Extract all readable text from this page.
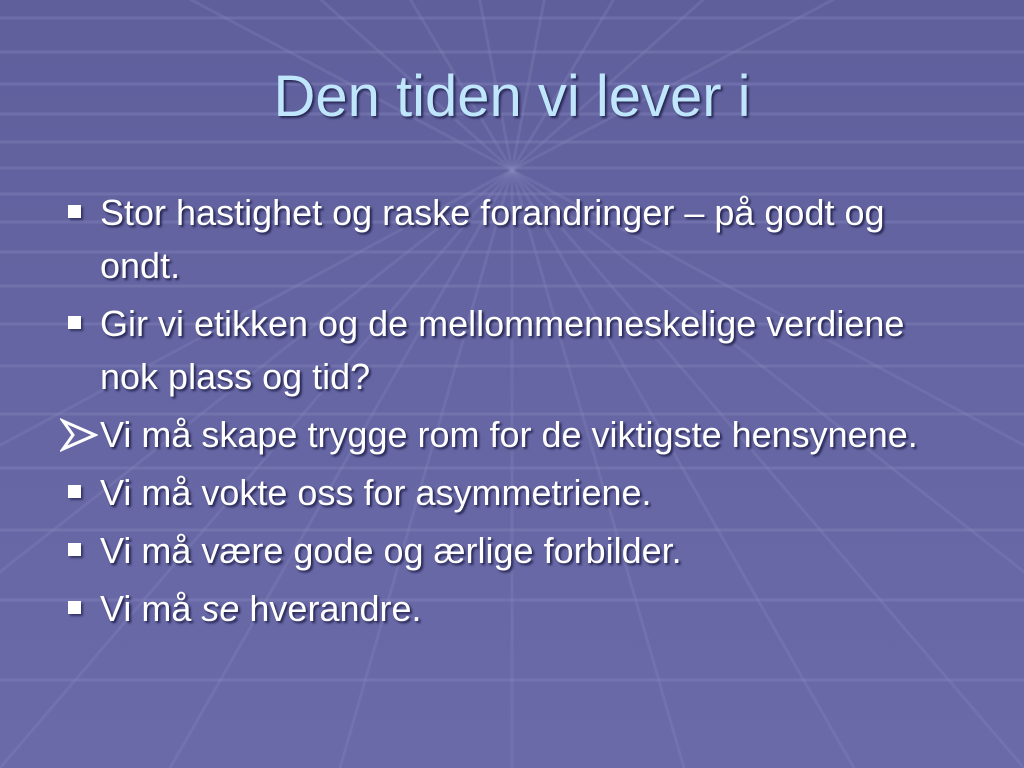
Den tiden vi lever i
Stor hastighet og raske forandringer – på godt og ondt.
Gir vi etikken og de mellommenneskelige verdiene nok plass og tid?
Vi må skape trygge rom for de viktigste hensynene.
Vi må vokte oss for asymmetriene.
Vi må være gode og ærlige forbilder.
Vi må se hverandre.
